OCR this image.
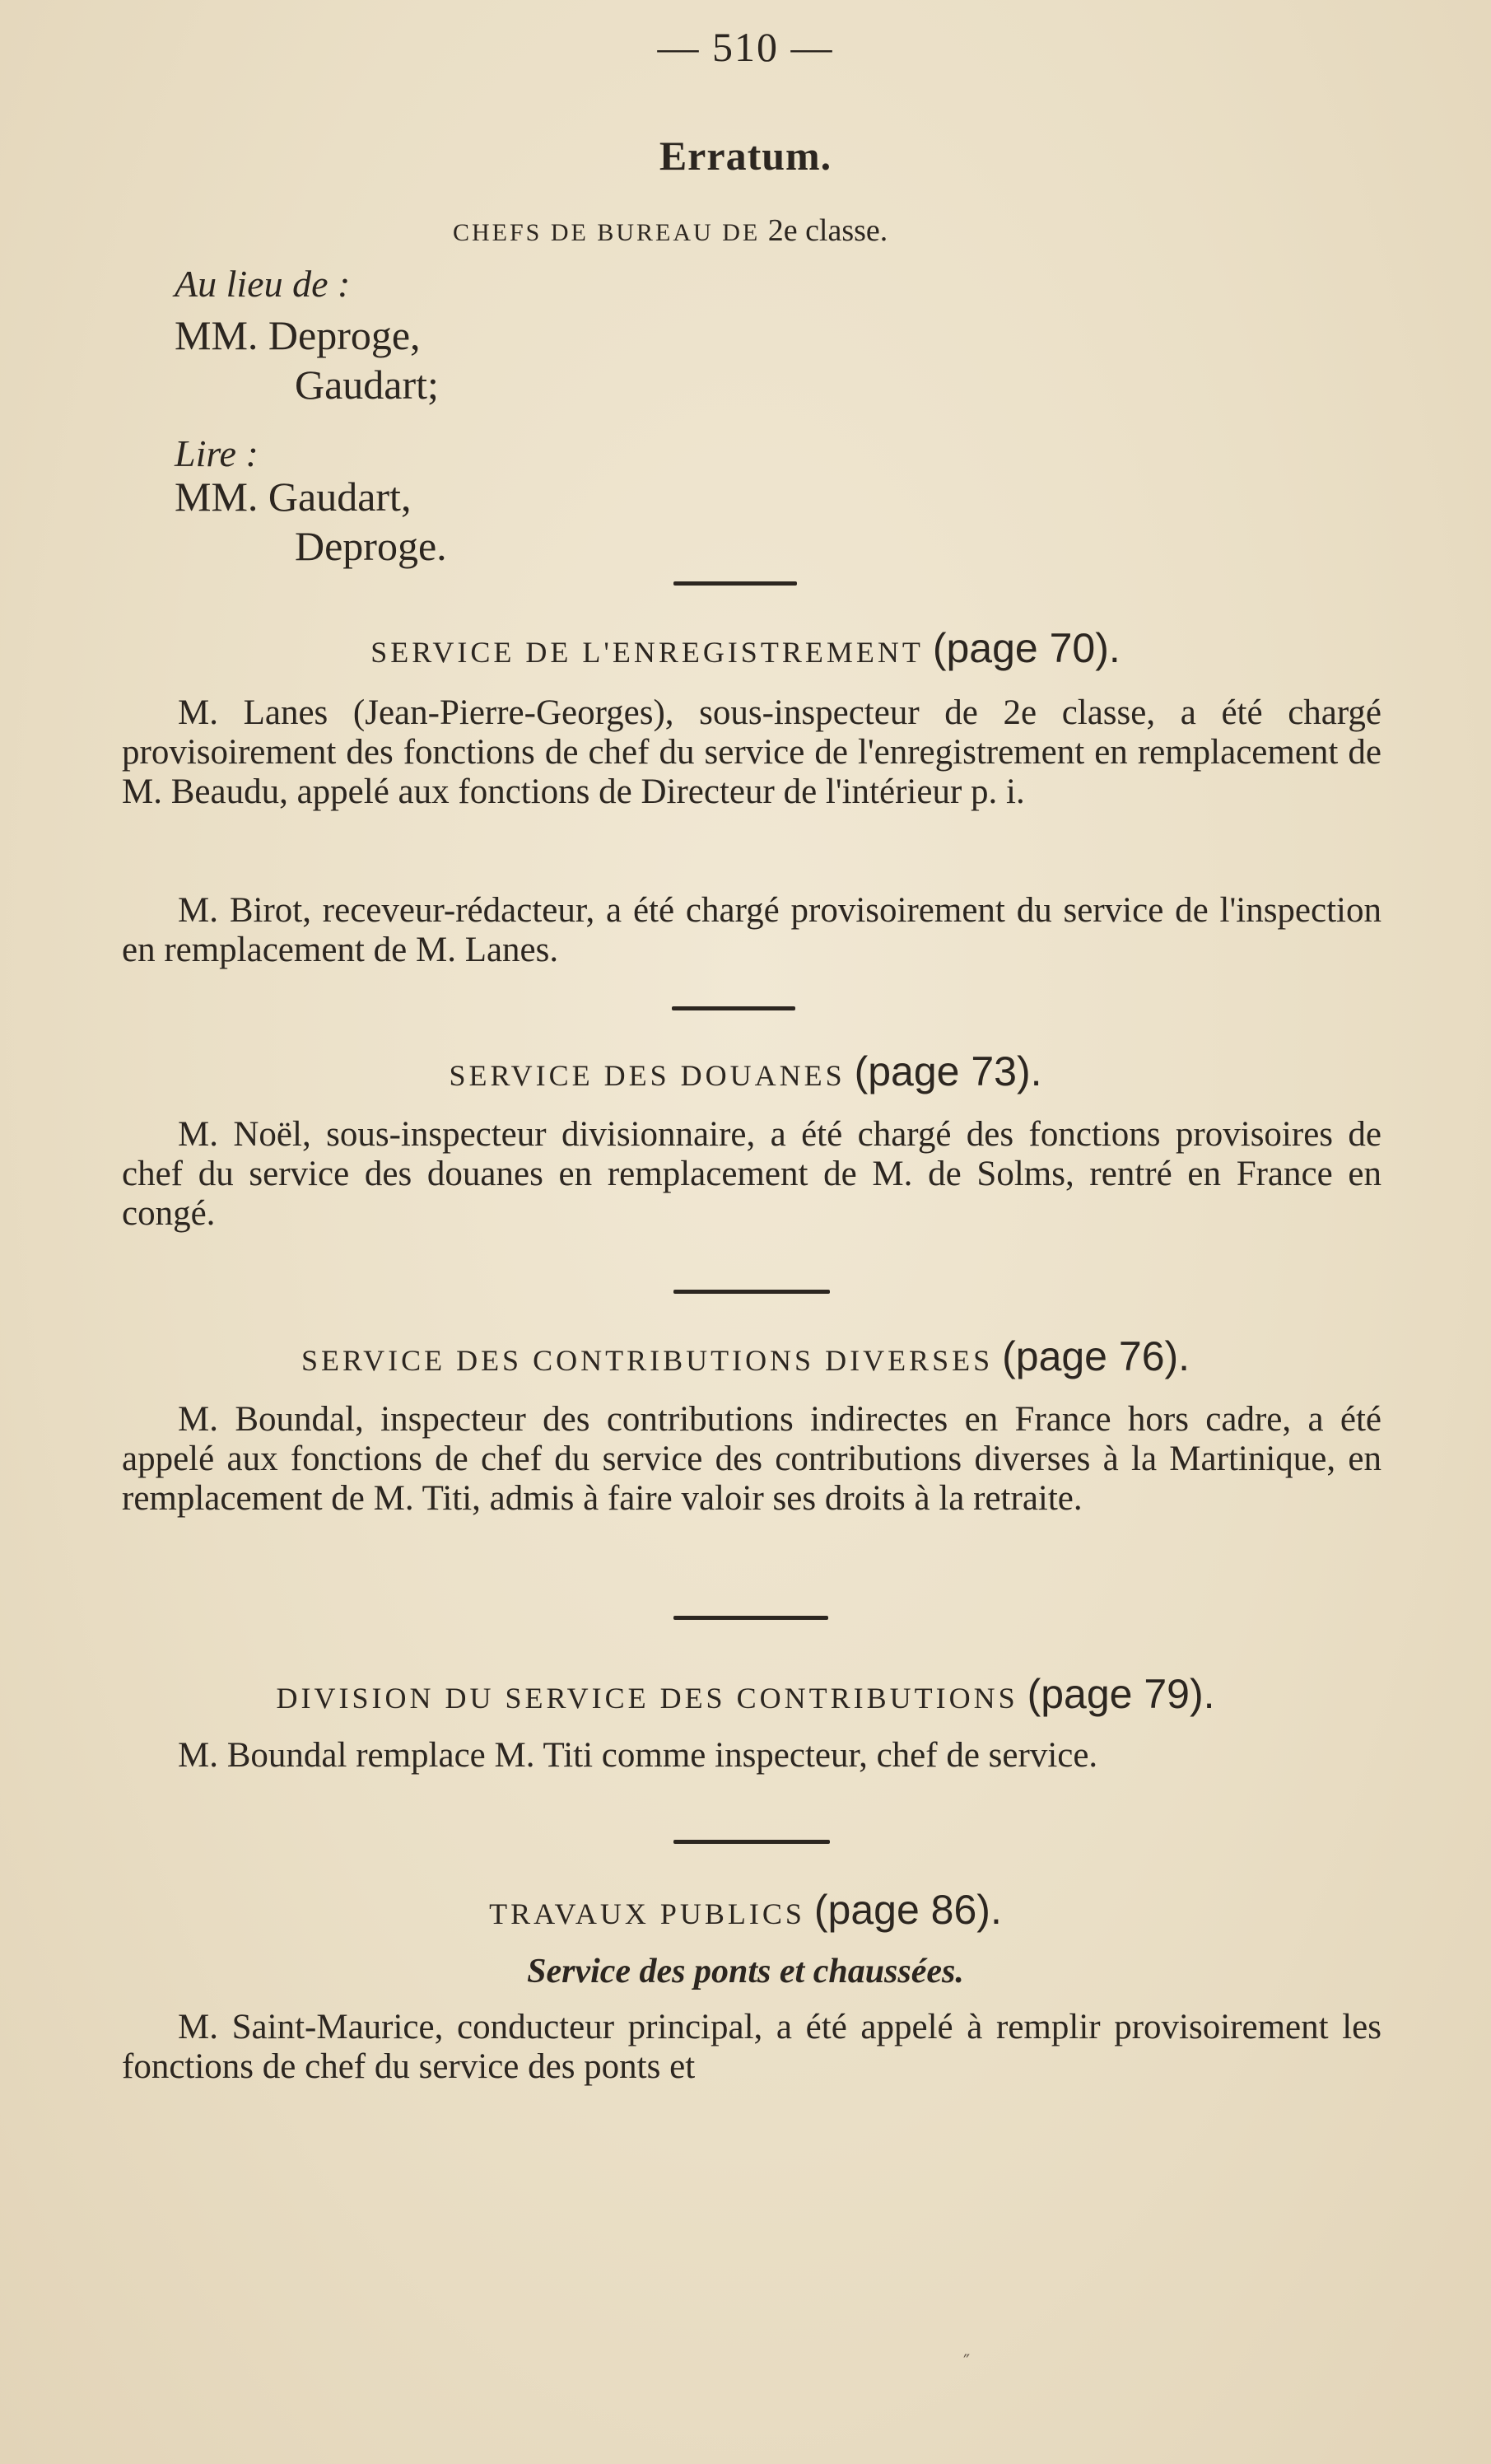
— 510 —
Erratum.
CHEFS DE BUREAU DE 2e classe.
Au lieu de :
MM. Deproge,
Gaudart;
Lire :
MM. Gaudart,
Deproge.
SERVICE DE L'ENREGISTREMENT (page 70).

M. Lanes (Jean-Pierre-Georges), sous-inspecteur de 2e classe, a été chargé provisoirement des fonctions de chef du service de l'enregistrement en remplacement de M. Beaudu, appelé aux fonctions de Directeur de l'intérieur p. i.

M. Birot, receveur-rédacteur, a été chargé provisoirement du service de l'inspection en remplacement de M. Lanes.

SERVICE DES DOUANES (page 73).

M. Noël, sous-inspecteur divisionnaire, a été chargé des fonctions provisoires de chef du service des douanes en remplacement de M. de Solms, rentré en France en congé.

SERVICE DES CONTRIBUTIONS DIVERSES (page 76).

M. Boundal, inspecteur des contributions indirectes en France hors cadre, a été appelé aux fonctions de chef du service des contributions diverses à la Martinique, en remplacement de M. Titi, admis à faire valoir ses droits à la retraite.

DIVISION DU SERVICE DES CONTRIBUTIONS (page 79).

M. Boundal remplace M. Titi comme inspecteur, chef de service.

TRAVAUX PUBLICS (page 86).
Service des ponts et chaussées.

M. Saint-Maurice, conducteur principal, a été appelé à remplir provisoirement les fonctions de chef du service des ponts et

″
